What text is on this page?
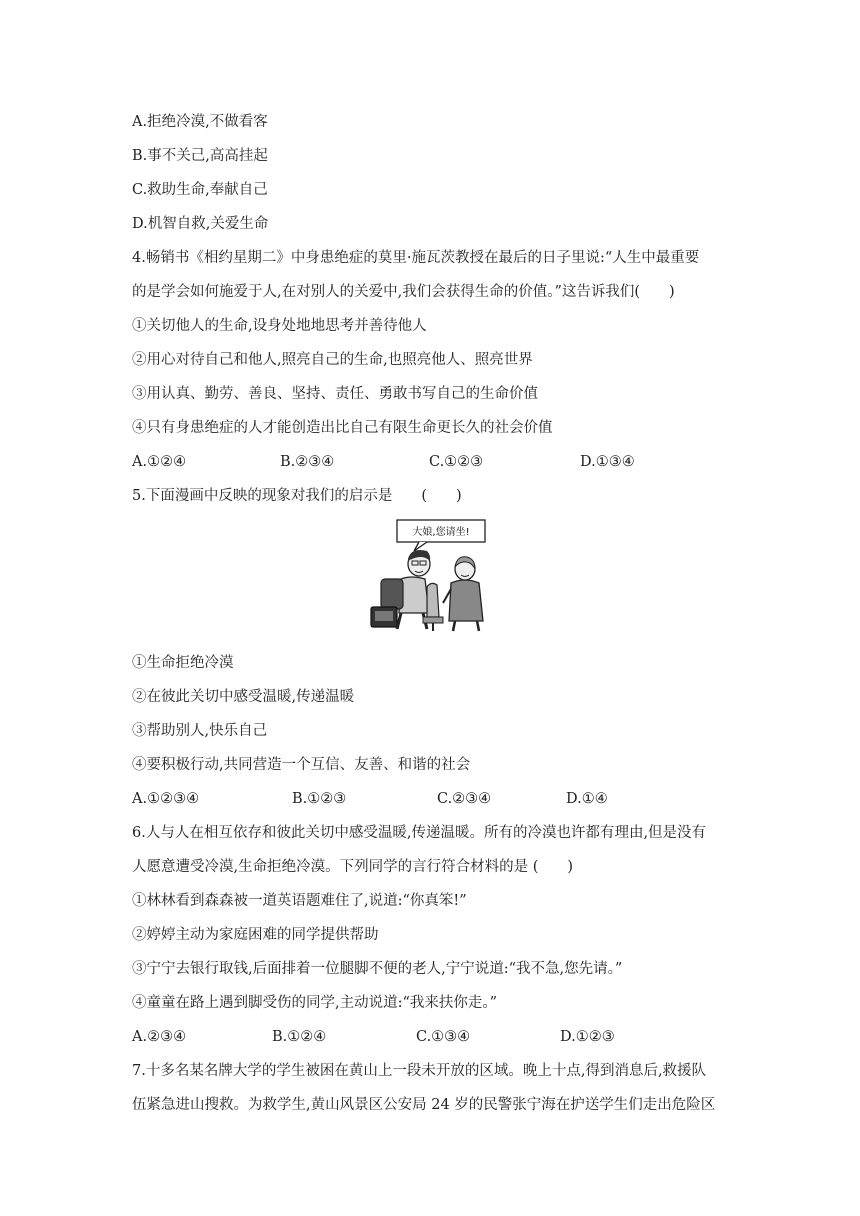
A.拒绝冷漠,不做看客
B.事不关己,高高挂起
C.救助生命,奉献自己
D.机智自救,关爱生命
4.畅销书《相约星期二》中身患绝症的莫里·施瓦茨教授在最后的日子里说:“人生中最重要
的是学会如何施爱于人,在对别人的关爱中,我们会获得生命的价值。”这告诉我们(　　)
①关切他人的生命,设身处地地思考并善待他人
②用心对待自己和他人,照亮自己的生命,也照亮他人、照亮世界
③用认真、勤劳、善良、坚持、责任、勇敢书写自己的生命价值
④只有身患绝症的人才能创造出比自己有限生命更长久的社会价值
A.①②④	B.②③④	C.①②③	D.①③④
5.下面漫画中反映的现象对我们的启示是　　(　　)
大娘,您请坐!
①生命拒绝冷漠
②在彼此关切中感受温暖,传递温暖
③帮助别人,快乐自己
④要积极行动,共同营造一个互信、友善、和谐的社会
A.①②③④	B.①②③	C.②③④	D.①④
6.人与人在相互依存和彼此关切中感受温暖,传递温暖。所有的冷漠也许都有理由,但是没有
人愿意遭受冷漠,生命拒绝冷漠。下列同学的言行符合材料的是 (　　)
①林林看到森森被一道英语题难住了,说道:“你真笨!”
②婷婷主动为家庭困难的同学提供帮助
③宁宁去银行取钱,后面排着一位腿脚不便的老人,宁宁说道:“我不急,您先请。”
④童童在路上遇到脚受伤的同学,主动说道:“我来扶你走。”
A.②③④	B.①②④	C.①③④	D.①②③
7.十多名某名牌大学的学生被困在黄山上一段未开放的区域。晚上十点,得到消息后,救援队
伍紧急进山搜救。为救学生,黄山风景区公安局 24 岁的民警张宁海在护送学生们走出危险区
